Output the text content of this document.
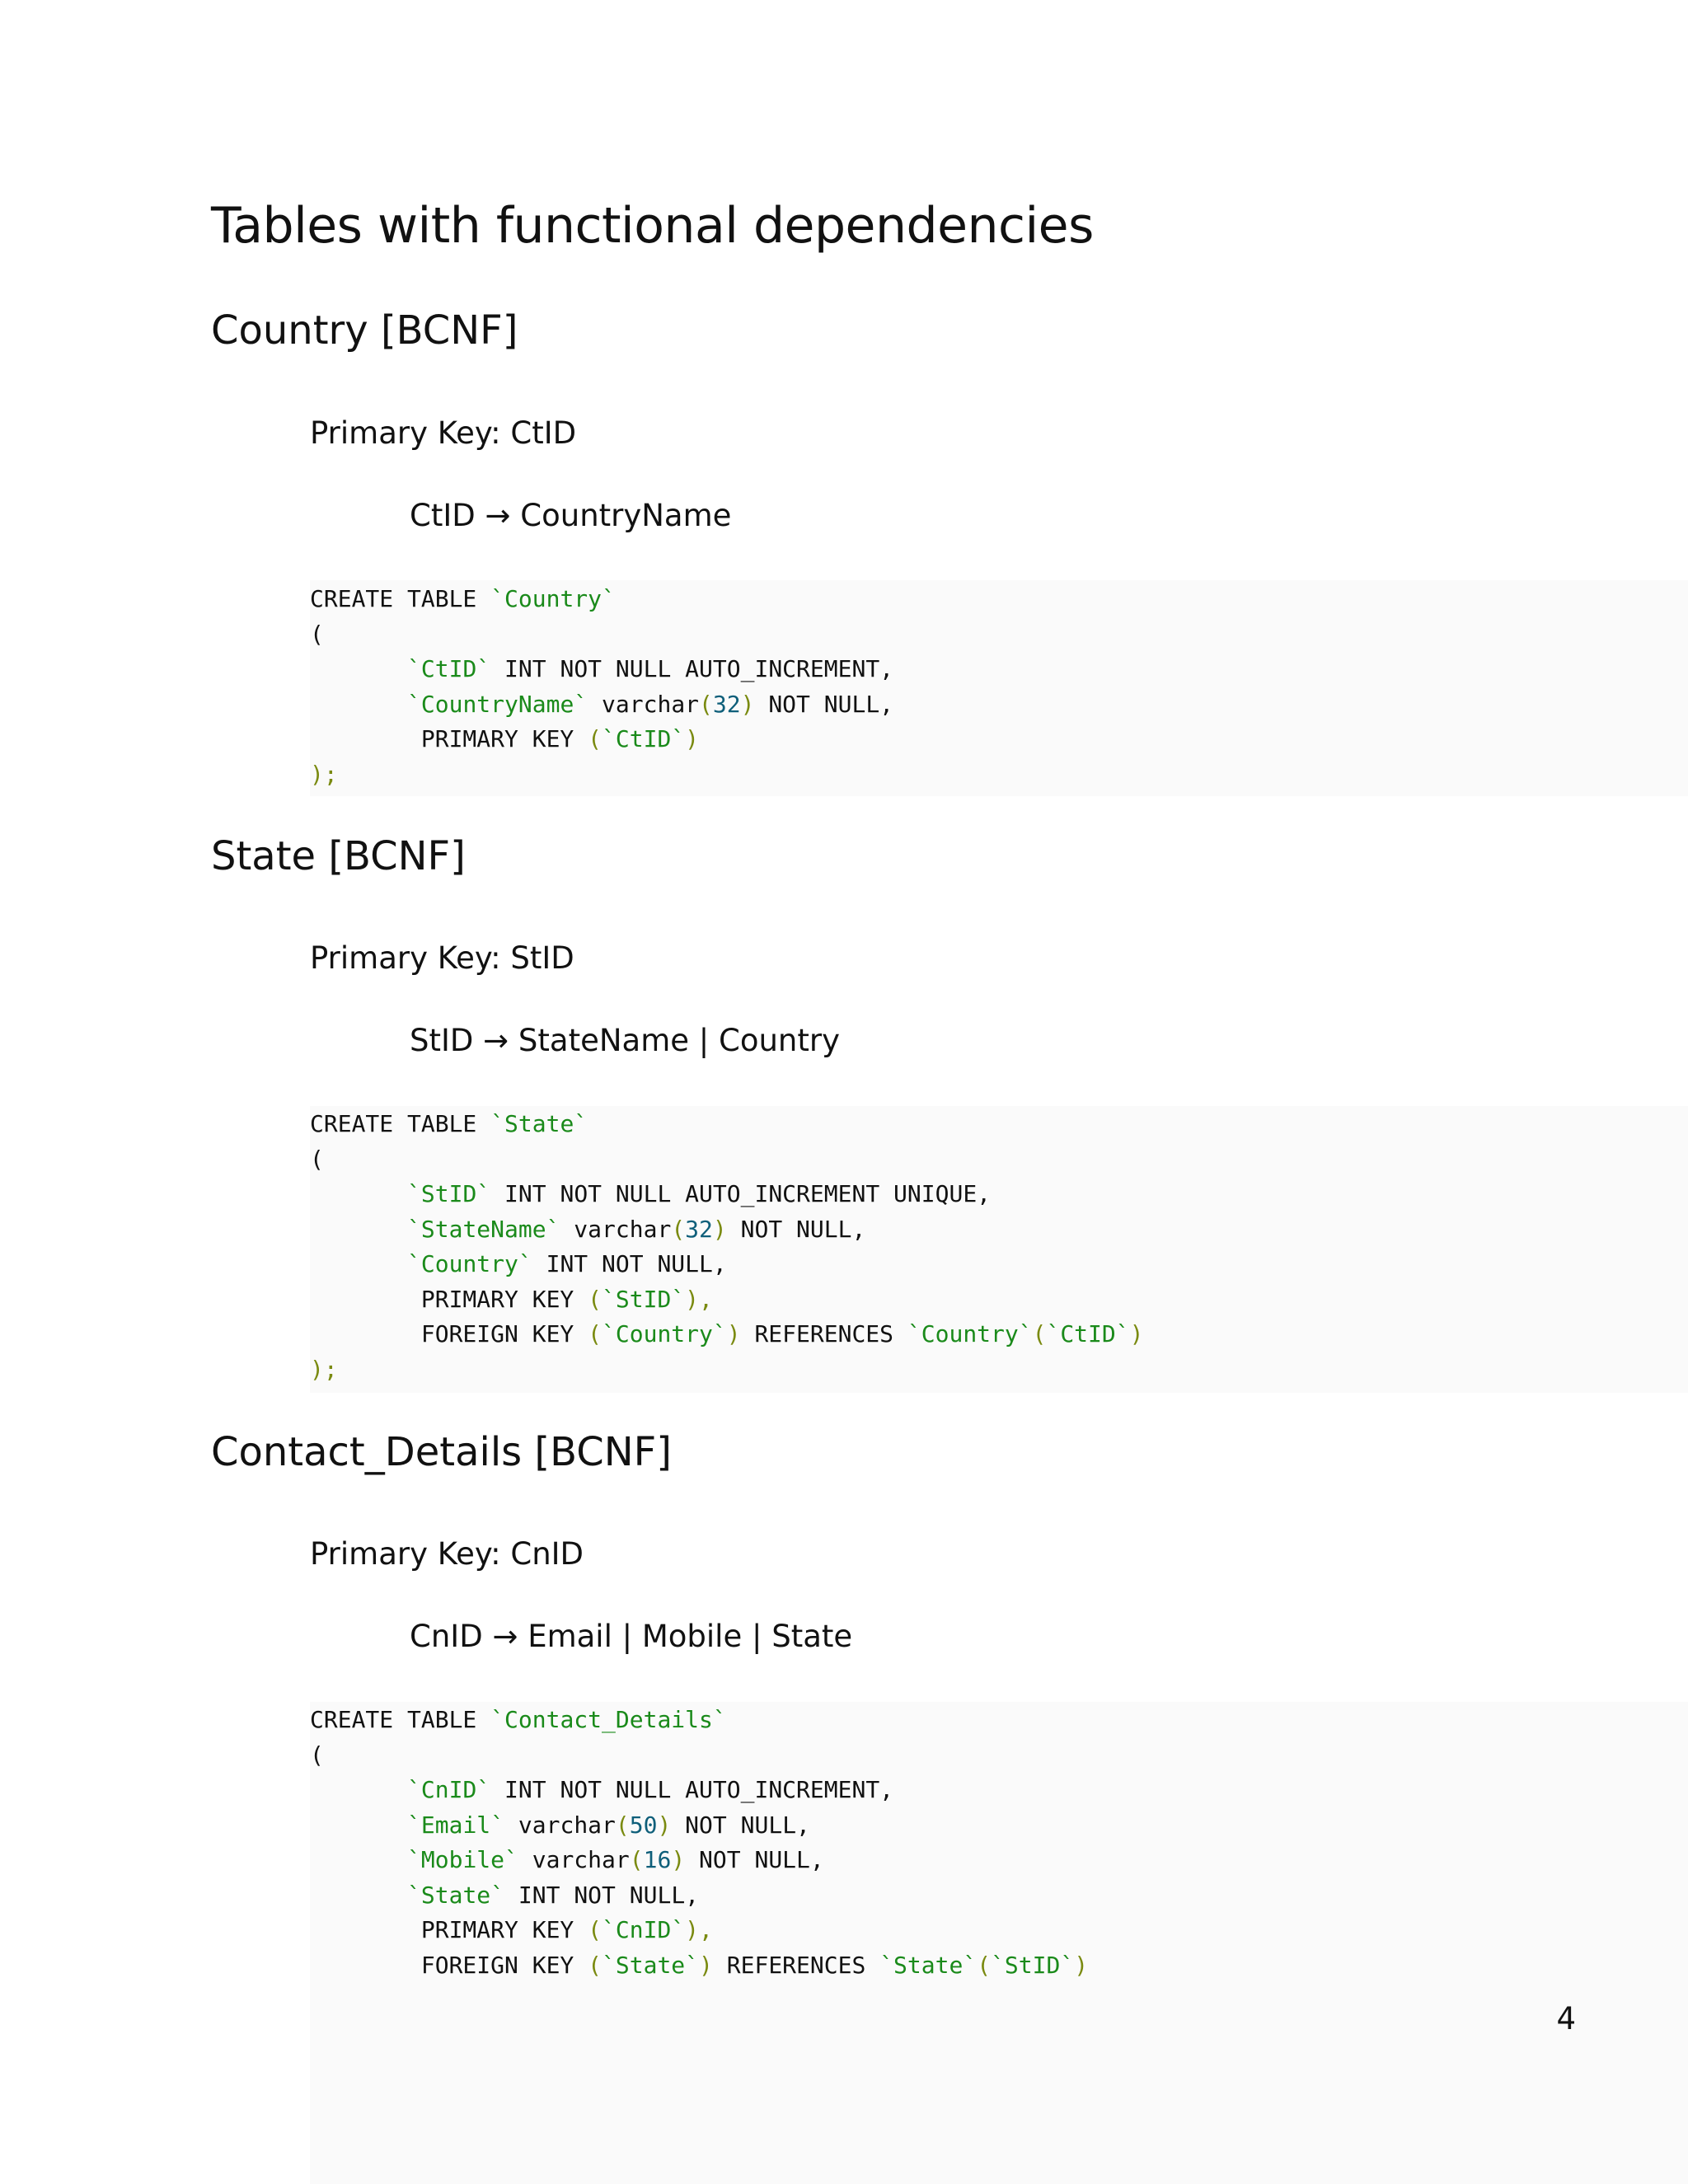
Tables with functional dependencies
Country [BCNF]
Primary Key: CtID
CtID → CountryName
CREATE TABLE `Country`
(
`CtID` INT NOT NULL AUTO_INCREMENT,
`CountryName` varchar(32) NOT NULL,
PRIMARY KEY (`CtID`)
);
State [BCNF]
Primary Key: StID
StID → StateName | Country
CREATE TABLE `State`
(
`StID` INT NOT NULL AUTO_INCREMENT UNIQUE,
`StateName` varchar(32) NOT NULL,
`Country` INT NOT NULL,
PRIMARY KEY (`StID`),
FOREIGN KEY (`Country`) REFERENCES `Country`(`CtID`)
);
Contact_Details [BCNF]
Primary Key: CnID
CnID → Email | Mobile | State
CREATE TABLE `Contact_Details`
(
`CnID` INT NOT NULL AUTO_INCREMENT,
`Email` varchar(50) NOT NULL,
`Mobile` varchar(16) NOT NULL,
`State` INT NOT NULL,
PRIMARY KEY (`CnID`),
FOREIGN KEY (`State`) REFERENCES `State`(`StID`)
4
